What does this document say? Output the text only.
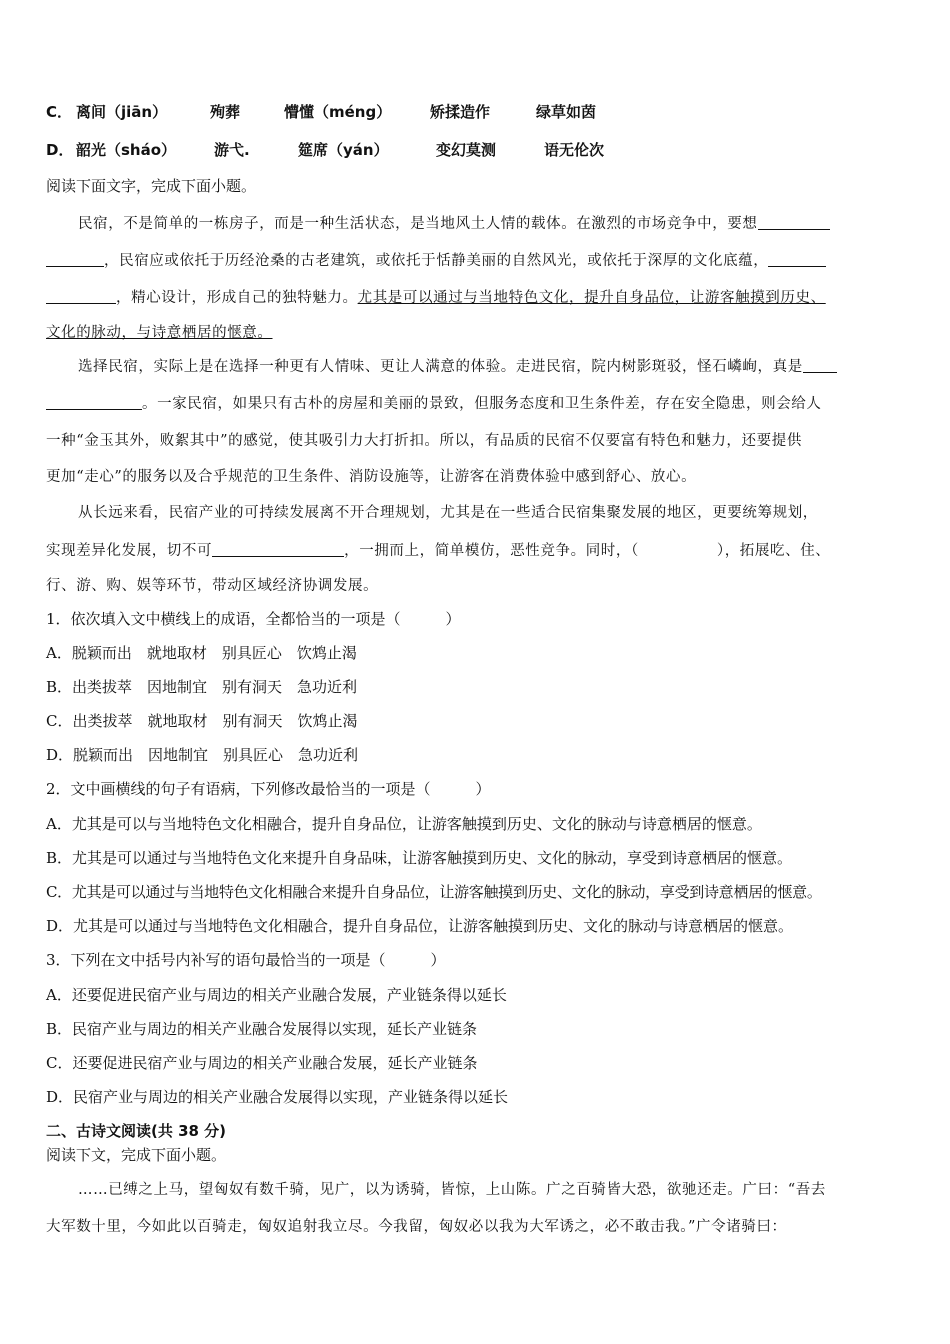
C． 离间（jiān）	殉葬	懵懂（méng）	矫揉造作	绿草如茵
D． 韶光（sháo）	游弋.	筵席（yán）	变幻莫测	语无伦次
阅读下面文字，完成下面小题。
民宿，不是简单的一栋房子，而是一种生活状态，是当地风土人情的载体。在激烈的市场竞争中，要想
，民宿应或依托于历经沧桑的古老建筑，或依托于恬静美丽的自然风光，或依托于深厚的文化底蕴，
，精心设计，形成自己的独特魅力。尤其是可以通过与当地特色文化，提升自身品位，让游客触摸到历史、
文化的脉动，与诗意栖居的惬意。
选择民宿，实际上是在选择一种更有人情味、更让人满意的体验。走进民宿，院内树影斑驳，怪石嶙峋，真是
。一家民宿，如果只有古朴的房屋和美丽的景致，但服务态度和卫生条件差，存在安全隐患，则会给人
一种“金玉其外，败絮其中”的感觉，使其吸引力大打折扣。所以，有品质的民宿不仅要富有特色和魅力，还要提供
更加“走心”的服务以及合乎规范的卫生条件、消防设施等，让游客在消费体验中感到舒心、放心。
从长远来看，民宿产业的可持续发展离不开合理规划，尤其是在一些适合民宿集聚发展的地区，更要统筹规划，
实现差异化发展，切不可	，一拥而上，简单模仿，恶性竞争。同时，（	），拓展吃、住、
行、游、购、娱等环节，带动区域经济协调发展。
1．依次填入文中横线上的成语，全都恰当的一项是（　　　）
A．脱颖而出　就地取材　别具匠心　饮鸩止渴
B．出类拔萃　因地制宜　别有洞天　急功近利
C．出类拔萃　就地取材　别有洞天　饮鸩止渴
D．脱颖而出　因地制宜　别具匠心　急功近利
2．文中画横线的句子有语病，下列修改最恰当的一项是（　　　）
A．尤其是可以与当地特色文化相融合，提升自身品位，让游客触摸到历史、文化的脉动与诗意栖居的惬意。
B．尤其是可以通过与当地特色文化来提升自身品味，让游客触摸到历史、文化的脉动，享受到诗意栖居的惬意。
C．尤其是可以通过与当地特色文化相融合来提升自身品位，让游客触摸到历史、文化的脉动，享受到诗意栖居的惬意。
D．尤其是可以通过与当地特色文化相融合，提升自身品位，让游客触摸到历史、文化的脉动与诗意栖居的惬意。
3．下列在文中括号内补写的语句最恰当的一项是（　　　）
A．还要促进民宿产业与周边的相关产业融合发展，产业链条得以延长
B．民宿产业与周边的相关产业融合发展得以实现，延长产业链条
C．还要促进民宿产业与周边的相关产业融合发展，延长产业链条
D．民宿产业与周边的相关产业融合发展得以实现，产业链条得以延长
二、古诗文阅读(共 38 分)
阅读下文，完成下面小题。
……已缚之上马，望匈奴有数千骑，见广，以为诱骑，皆惊，上山陈。广之百骑皆大恐，欲驰还走。广曰：“吾去
大军数十里，今如此以百骑走，匈奴追射我立尽。今我留，匈奴必以我为大军诱之，必不敢击我。”广令诸骑曰：
